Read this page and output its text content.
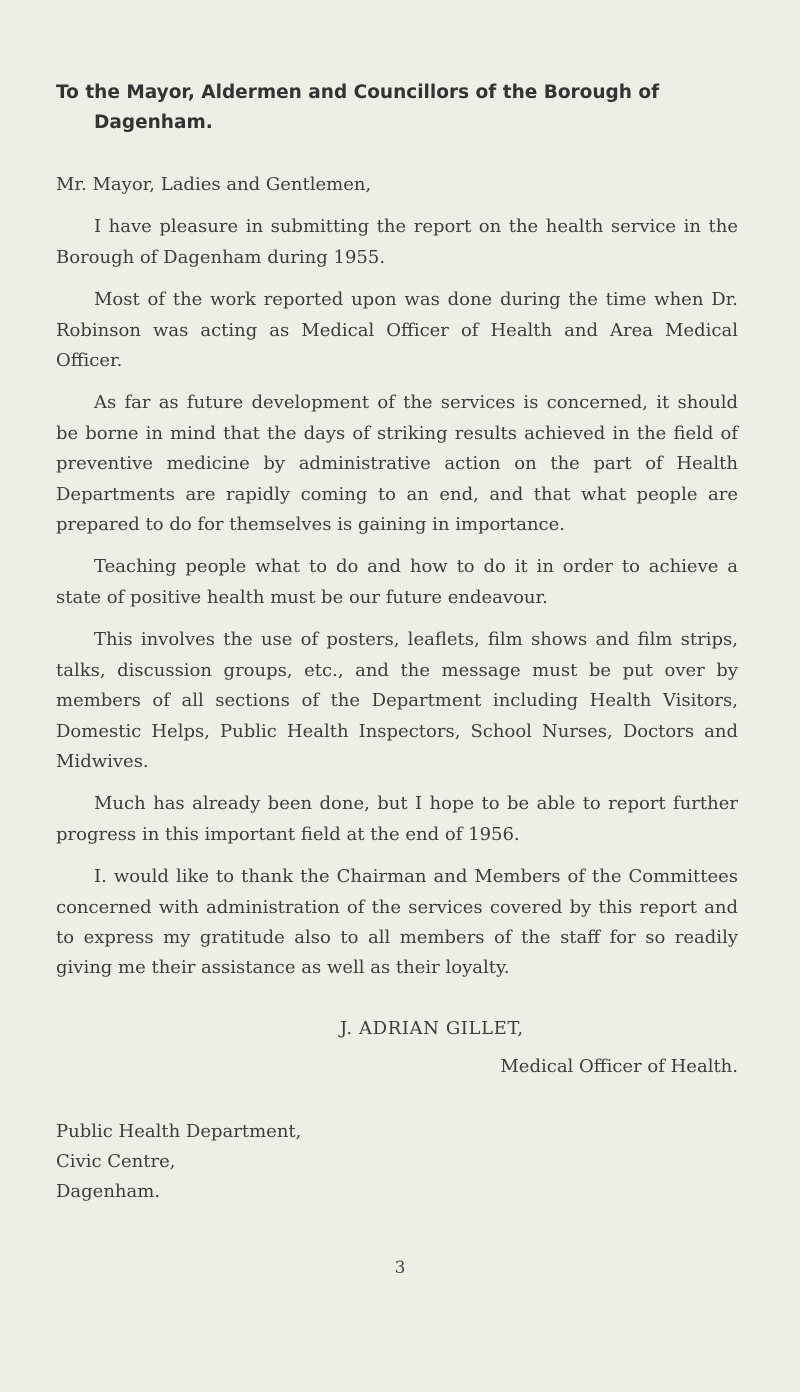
To the Mayor, Aldermen and Councillors of the Borough of
Dagenham.

Mr. Mayor, Ladies and Gentlemen,

I have pleasure in submitting the report on the health service in the Borough of Dagenham during 1955.

Most of the work reported upon was done during the time when Dr. Robinson was acting as Medical Officer of Health and Area Medical Officer.

As far as future development of the services is concerned, it should be borne in mind that the days of striking results achieved in the field of preventive medicine by administrative action on the part of Health Departments are rapidly coming to an end, and that what people are prepared to do for themselves is gaining in importance.

Teaching people what to do and how to do it in order to achieve a state of positive health must be our future endeavour.

This involves the use of posters, leaflets, film shows and film strips, talks, discussion groups, etc., and the message must be put over by members of all sections of the Department including Health Visitors, Domestic Helps, Public Health Inspectors, School Nurses, Doctors and Midwives.

Much has already been done, but I hope to be able to report further progress in this important field at the end of 1956.

I. would like to thank the Chairman and Members of the Committees concerned with administration of the services covered by this report and to express my gratitude also to all members of the staff for so readily giving me their assistance as well as their loyalty.

J. ADRIAN GILLET,
Medical Officer of Health.
Public Health Department,
Civic Centre,
Dagenham.
3
